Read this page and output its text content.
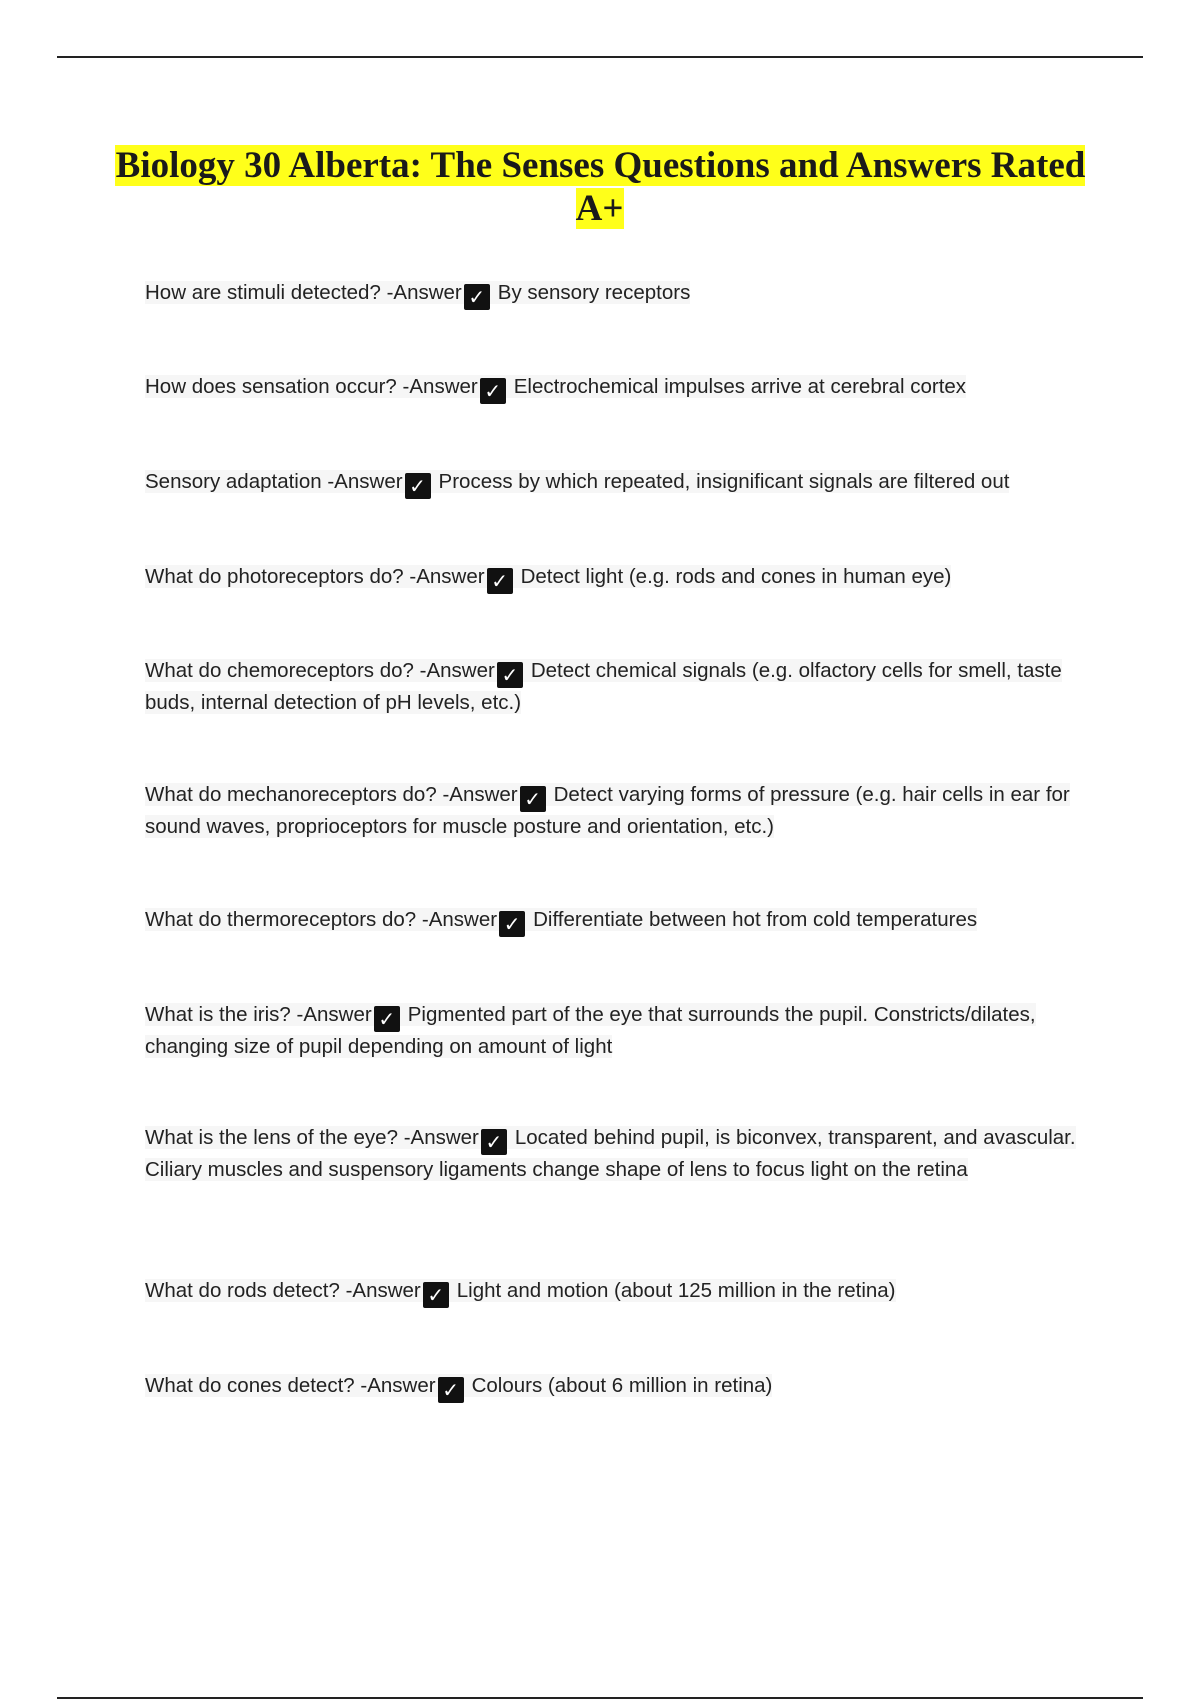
Biology 30 Alberta: The Senses Questions and Answers Rated A+
How are stimuli detected? -Answer ✓ By sensory receptors
How does sensation occur? -Answer ✓ Electrochemical impulses arrive at cerebral cortex
Sensory adaptation -Answer ✓ Process by which repeated, insignificant signals are filtered out
What do photoreceptors do? -Answer ✓ Detect light (e.g. rods and cones in human eye)
What do chemoreceptors do? -Answer ✓ Detect chemical signals (e.g. olfactory cells for smell, taste buds, internal detection of pH levels, etc.)
What do mechanoreceptors do? -Answer ✓ Detect varying forms of pressure (e.g. hair cells in ear for sound waves, proprioceptors for muscle posture and orientation, etc.)
What do thermoreceptors do? -Answer ✓ Differentiate between hot from cold temperatures
What is the iris? -Answer ✓ Pigmented part of the eye that surrounds the pupil. Constricts/dilates, changing size of pupil depending on amount of light
What is the lens of the eye? -Answer ✓ Located behind pupil, is biconvex, transparent, and avascular. Ciliary muscles and suspensory ligaments change shape of lens to focus light on the retina
What do rods detect? -Answer ✓ Light and motion (about 125 million in the retina)
What do cones detect? -Answer ✓ Colours (about 6 million in retina)
